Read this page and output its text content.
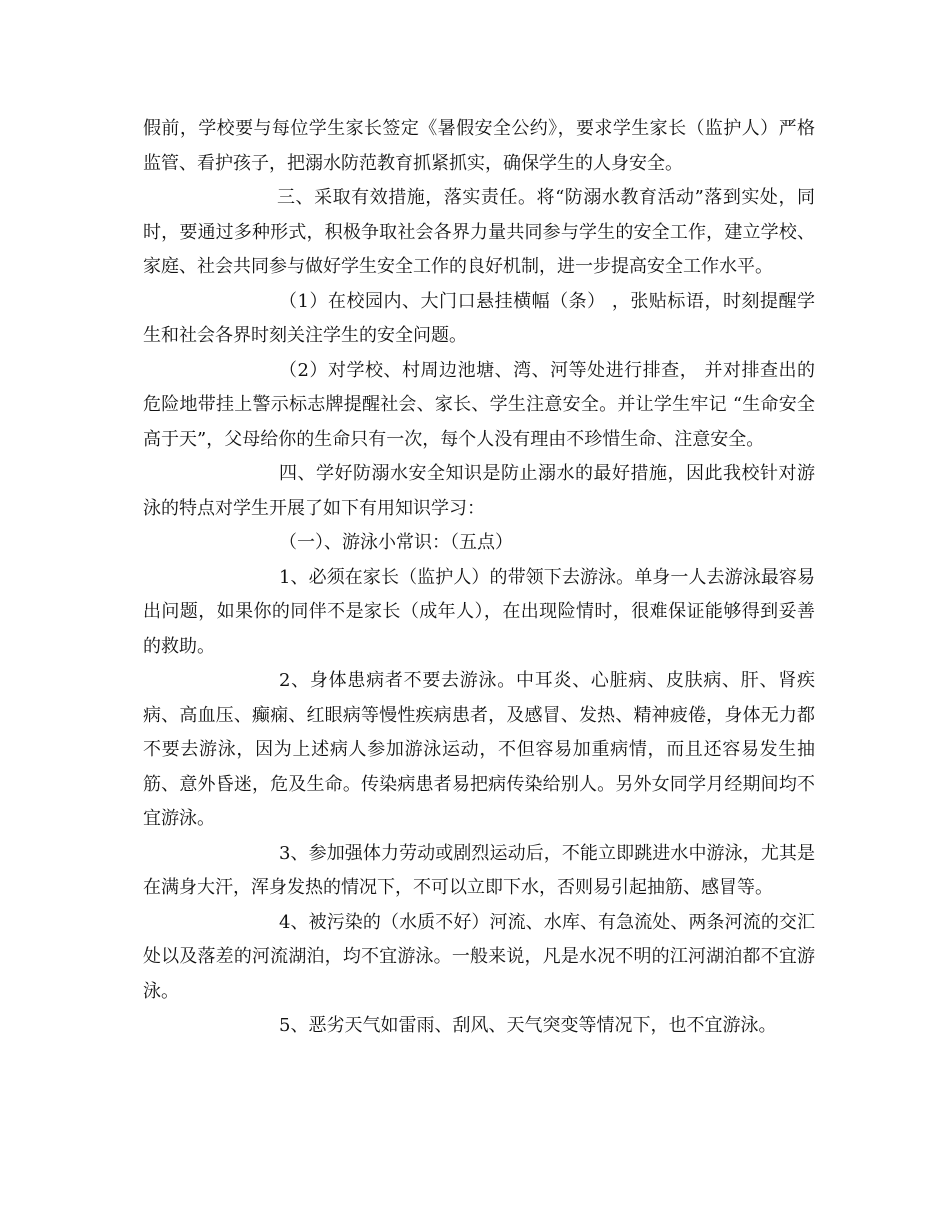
假前，学校要与每位学生家长签定《暑假安全公约》，要求学生家长（监护人）严格监管、看护孩子，把溺水防范教育抓紧抓实，确保学生的人身安全。

三、采取有效措施，落实责任。将“防溺水教育活动”落到实处，同时，要通过多种形式，积极争取社会各界力量共同参与学生的安全工作，建立学校、家庭、社会共同参与做好学生安全工作的良好机制，进一步提高安全工作水平。

（1）在校园内、大门口悬挂横幅（条） ，张贴标语，时刻提醒学生和社会各界时刻关注学生的安全问题。

（2）对学校、村周边池塘、湾、河等处进行排查， 并对排查出的危险地带挂上警示标志牌提醒社会、家长、学生注意安全。并让学生牢记 “生命安全高于天”，父母给你的生命只有一次，每个人没有理由不珍惜生命、注意安全。

四、学好防溺水安全知识是防止溺水的最好措施，因此我校针对游泳的特点对学生开展了如下有用知识学习：

（一）、游泳小常识：（五点）

1、必须在家长（监护人）的带领下去游泳。单身一人去游泳最容易出问题，如果你的同伴不是家长（成年人），在出现险情时，很难保证能够得到妥善的救助。

2、身体患病者不要去游泳。中耳炎、心脏病、皮肤病、肝、肾疾病、高血压、癫痫、红眼病等慢性疾病患者，及感冒、发热、精神疲倦，身体无力都不要去游泳，因为上述病人参加游泳运动，不但容易加重病情，而且还容易发生抽筋、意外昏迷，危及生命。传染病患者易把病传染给别人。另外女同学月经期间均不宜游泳。

3、参加强体力劳动或剧烈运动后，不能立即跳进水中游泳，尤其是在满身大汗，浑身发热的情况下，不可以立即下水，否则易引起抽筋、感冒等。

4、被污染的（水质不好）河流、水库、有急流处、两条河流的交汇处以及落差的河流湖泊，均不宜游泳。一般来说，凡是水况不明的江河湖泊都不宜游泳。

5、恶劣天气如雷雨、刮风、天气突变等情况下，也不宜游泳。
